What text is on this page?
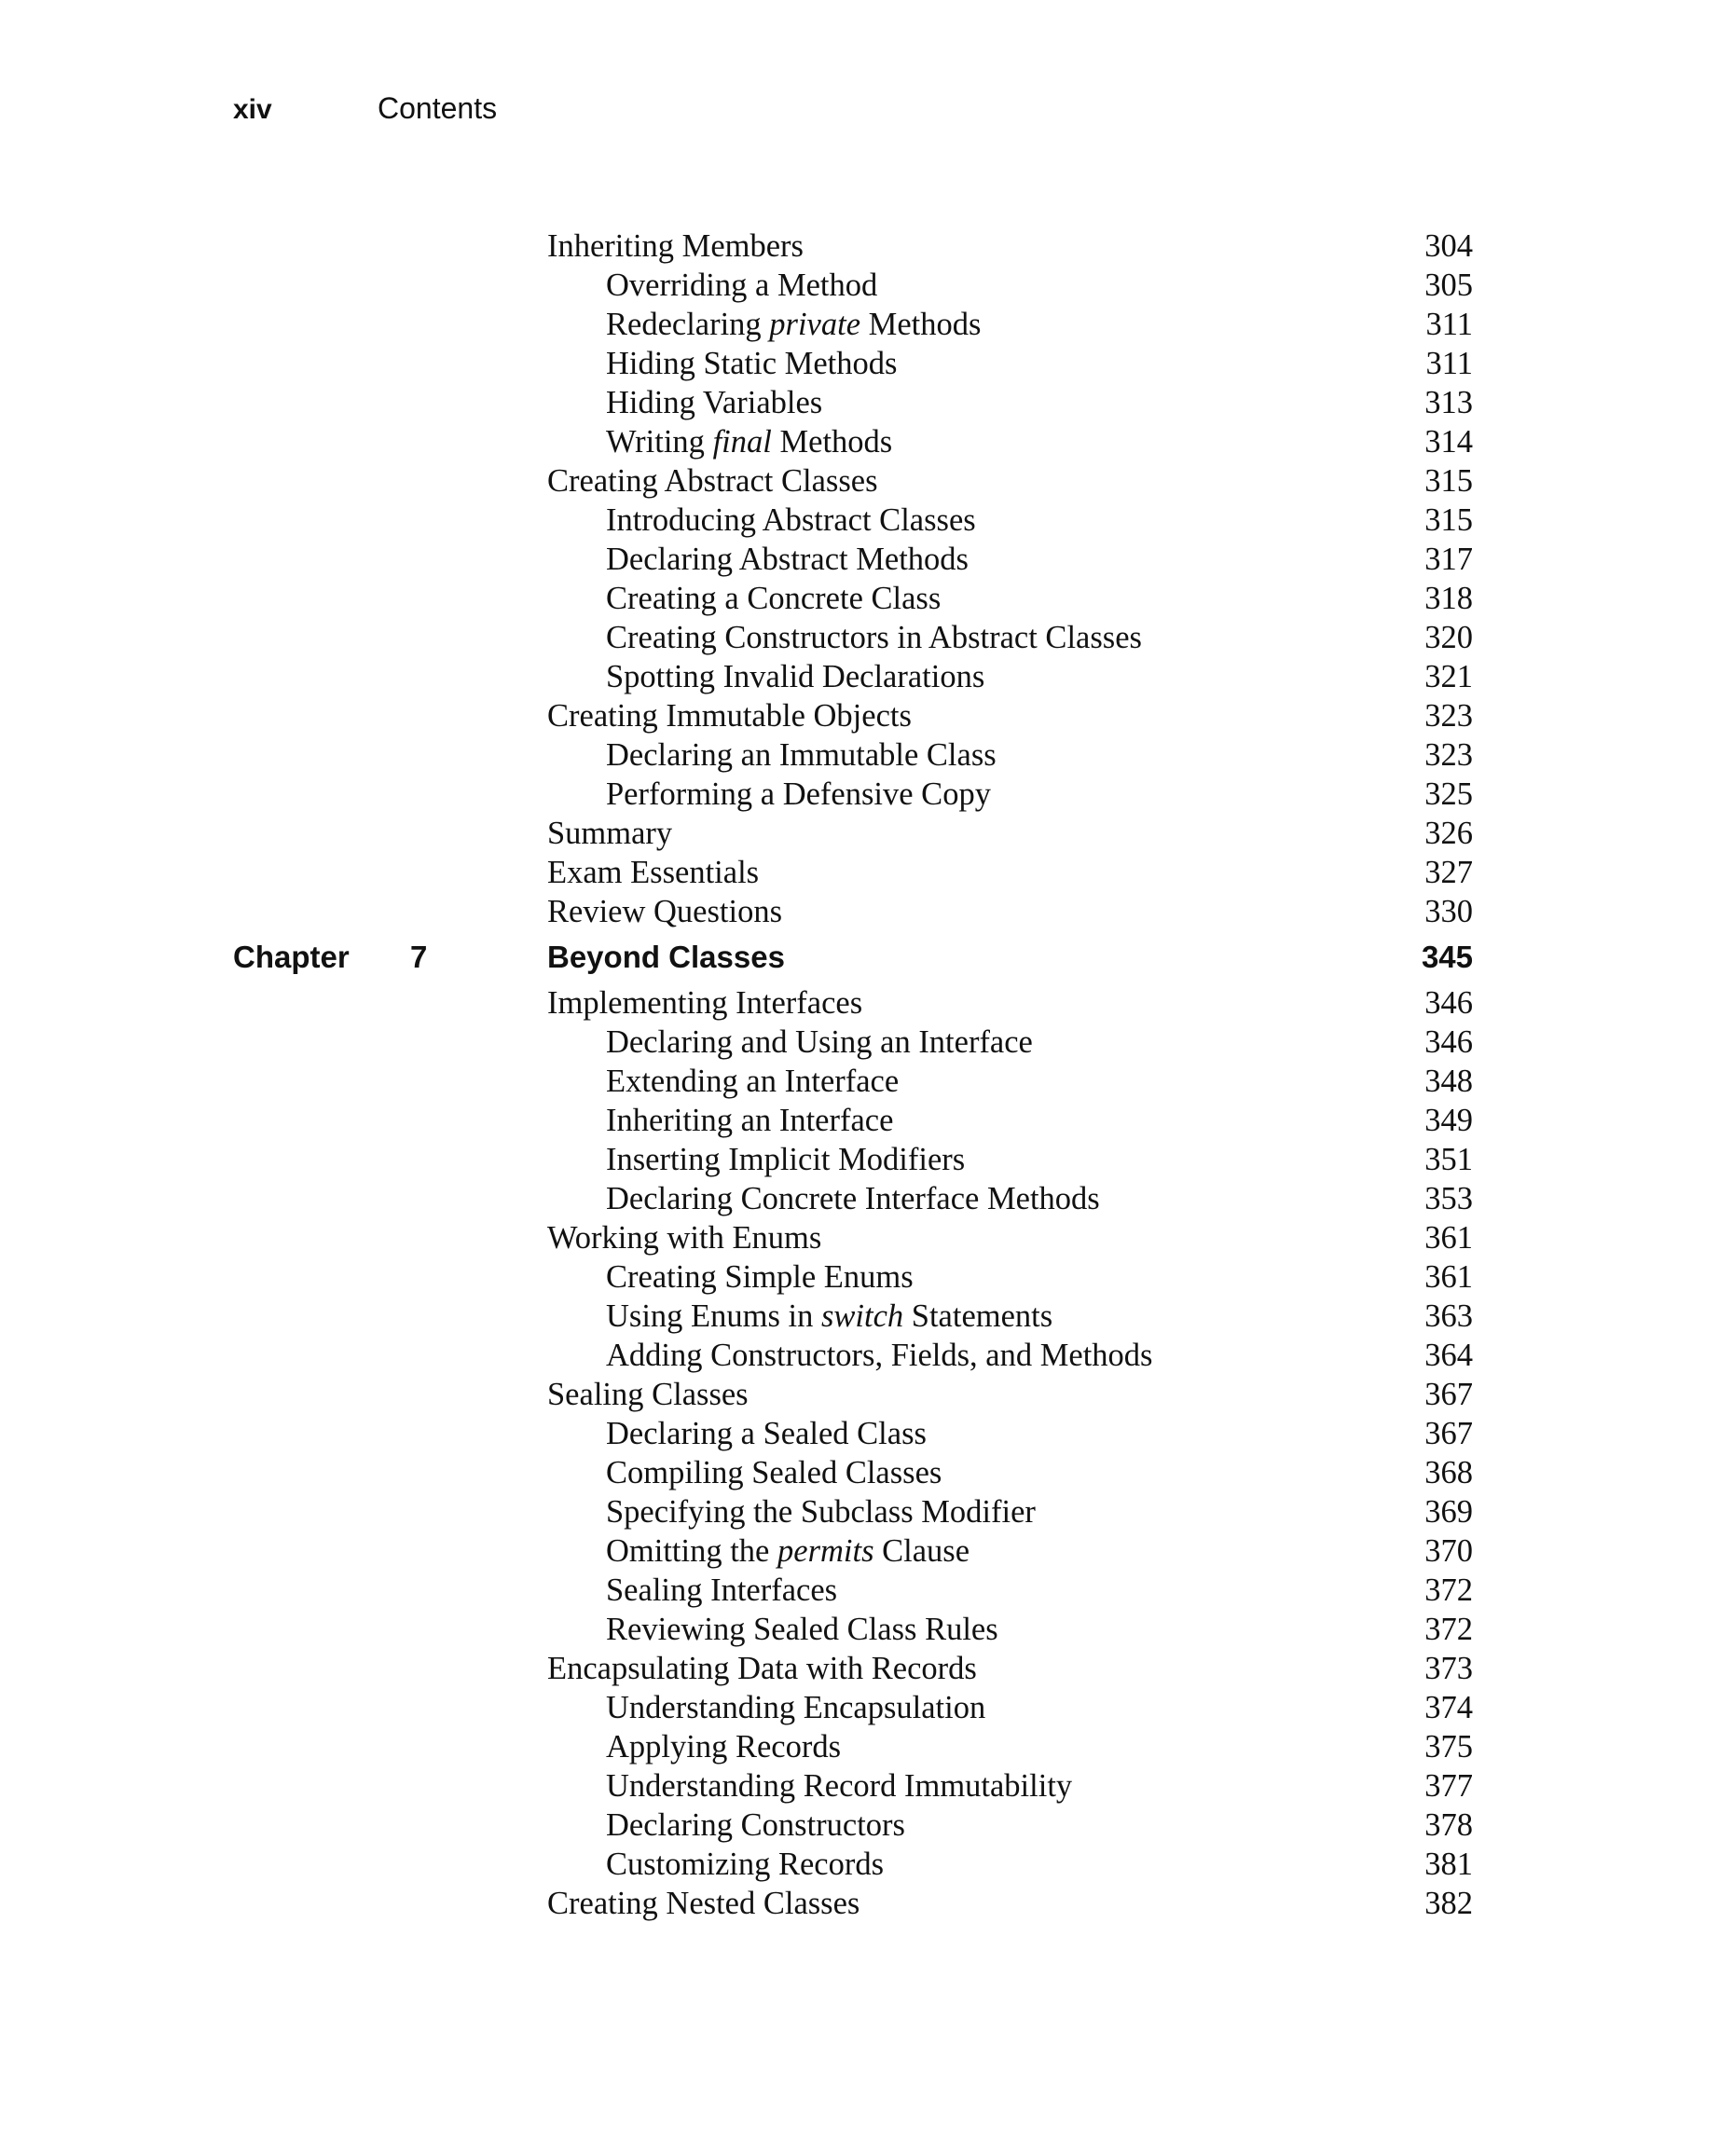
xiv	Contents
Inheriting Members	304
Overriding a Method	305
Redeclaring private Methods	311
Hiding Static Methods	311
Hiding Variables	313
Writing final Methods	314
Creating Abstract Classes	315
Introducing Abstract Classes	315
Declaring Abstract Methods	317
Creating a Concrete Class	318
Creating Constructors in Abstract Classes	320
Spotting Invalid Declarations	321
Creating Immutable Objects	323
Declaring an Immutable Class	323
Performing a Defensive Copy	325
Summary	326
Exam Essentials	327
Review Questions	330
Chapter 7	Beyond Classes	345
Implementing Interfaces	346
Declaring and Using an Interface	346
Extending an Interface	348
Inheriting an Interface	349
Inserting Implicit Modifiers	351
Declaring Concrete Interface Methods	353
Working with Enums	361
Creating Simple Enums	361
Using Enums in switch Statements	363
Adding Constructors, Fields, and Methods	364
Sealing Classes	367
Declaring a Sealed Class	367
Compiling Sealed Classes	368
Specifying the Subclass Modifier	369
Omitting the permits Clause	370
Sealing Interfaces	372
Reviewing Sealed Class Rules	372
Encapsulating Data with Records	373
Understanding Encapsulation	374
Applying Records	375
Understanding Record Immutability	377
Declaring Constructors	378
Customizing Records	381
Creating Nested Classes	382
